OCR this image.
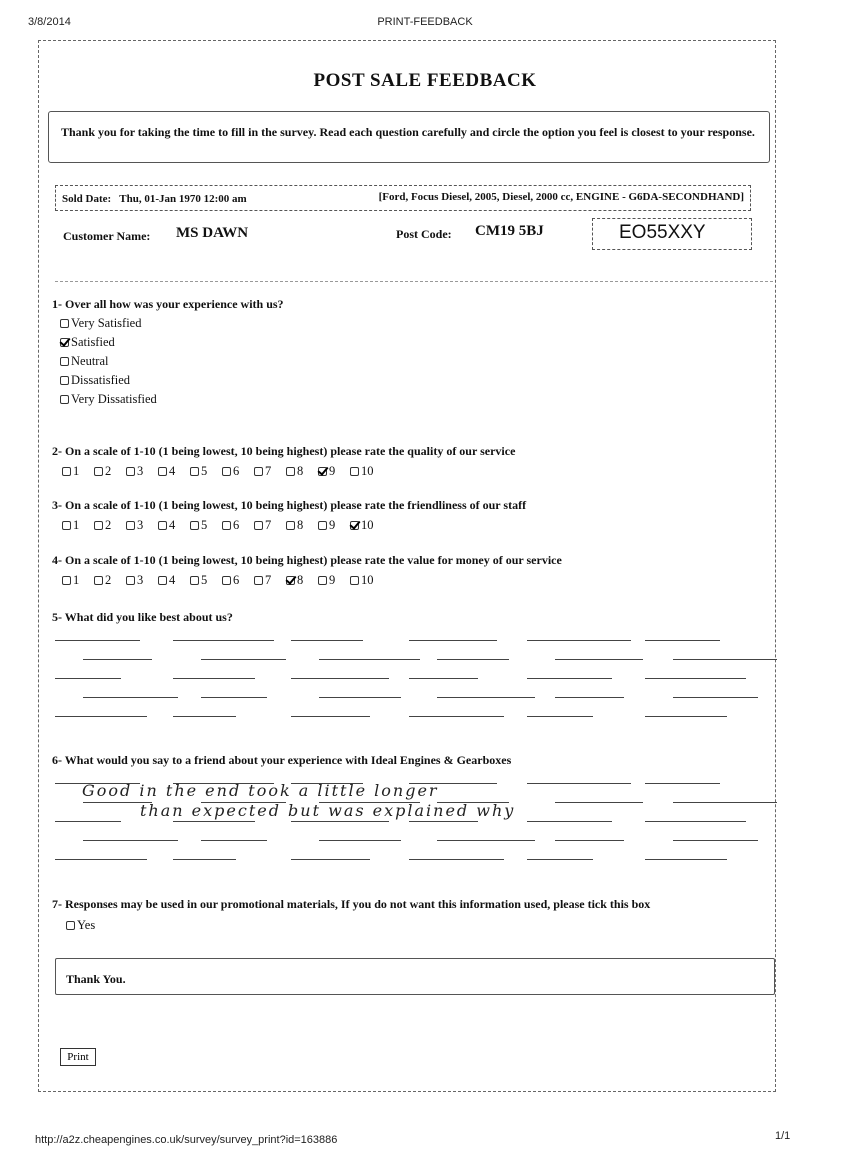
3/8/2014	PRINT-FEEDBACK
POST SALE FEEDBACK
Thank you for taking the time to fill in the survey. Read each question carefully and circle the option you feel is closest to your response.
Sold Date:   Thu, 01-Jan 1970 12:00 am	[Ford, Focus Diesel, 2005, Diesel, 2000 cc, ENGINE - G6DA-SECONDHAND]
Customer Name: MS DAWN	Post Code: CM19 5BJ	EO55XXY
1- Over all how was your experience with us?
Very Satisfied
Satisfied
Neutral
Dissatisfied
Very Dissatisfied
2- On a scale of 1-10 (1 being lowest, 10 being highest) please rate the quality of our service
1 2 3 4 5 6 7 8 9 10
3- On a scale of 1-10 (1 being lowest, 10 being highest) please rate the friendliness of our staff
1 2 3 4 5 6 7 8 9 10
4- On a scale of 1-10 (1 being lowest, 10 being highest) please rate the value for money of our service
1 2 3 4 5 6 7 8 9 10
5- What did you like best about us?
6- What would you say to a friend about your experience with Ideal Engines & Gearboxes
Good in the end took a little longer
than expected but was explained why
7- Responses may be used in our promotional materials, If you do not want this information used, please tick this box
Yes
Thank You.
Print
http://a2z.cheapengines.co.uk/survey/survey_print?id=163886	1/1
